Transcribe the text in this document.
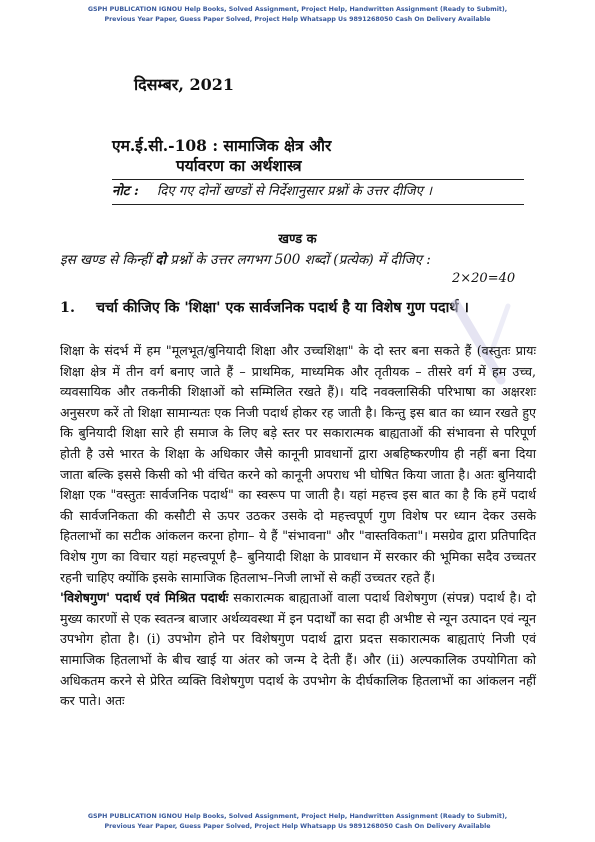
GSPH PUBLICATION IGNOU Help Books, Solved Assignment, Project Help, Handwritten Assignment (Ready to Submit),
Previous Year Paper, Guess Paper Solved, Project Help Whatsapp Us 9891268050 Cash On Delivery Available
दिसम्बर, 2021
एम.ई.सी.-108 : सामाजिक क्षेत्र और
पर्यावरण का अर्थशास्त्र
नोट : दिए गए दोनों खण्डों से निर्देशानुसार प्रश्नों के उत्तर दीजिए ।
खण्ड क
इस खण्ड से किन्हीं दो प्रश्नों के उत्तर लगभग 500 शब्दों (प्रत्येक) में दीजिए :
2×20=40
1.	चर्चा कीजिए कि 'शिक्षा' एक सार्वजनिक पदार्थ है या विशेष गुण पदार्थ ।

शिक्षा के संदर्भ में हम "मूलभूत/बुनियादी शिक्षा और उच्चशिक्षा" के दो स्तर बना सकते हैं (वस्तुतः प्रायः शिक्षा क्षेत्र में तीन वर्ग बनाए जाते हैं – प्राथमिक, माध्यमिक और तृतीयक – तीसरे वर्ग में हम उच्च, व्यवसायिक और तकनीकी शिक्षाओं को सम्मिलित रखते हैं)। यदि नवक्लासिकी परिभाषा का अक्षरशः अनुसरण करें तो शिक्षा सामान्यतः एक निजी पदार्थ होकर रह जाती है। किन्तु इस बात का ध्यान रखते हुए कि बुनियादी शिक्षा सारे ही समाज के लिए बड़े स्तर पर सकारात्मक बाह्यताओं की संभावना से परिपूर्ण होती है उसे भारत के शिक्षा के अधिकार जैसे कानूनी प्रावधानों द्वारा अबहिष्करणीय ही नहीं बना दिया जाता बल्कि इससे किसी को भी वंचित करने को कानूनी अपराध भी घोषित किया जाता है। अतः बुनियादी शिक्षा एक "वस्तुतः सार्वजनिक पदार्थ" का स्वरूप पा जाती है। यहां महत्त्व इस बात का है कि हमें पदार्थ की सार्वजनिकता की कसौटी से ऊपर उठकर उसके दो महत्त्वपूर्ण गुण विशेष पर ध्यान देकर उसके हितलाभों का सटीक आंकलन करना होगा– ये हैं "संभावना" और "वास्तविकता"। मसग्रेव द्वारा प्रतिपादित विशेष गुण का विचार यहां महत्त्वपूर्ण है– बुनियादी शिक्षा के प्रावधान में सरकार की भूमिका सदैव उच्चतर रहनी चाहिए क्योंकि इसके सामाजिक हितलाभ–निजी लाभों से कहीं उच्चतर रहते हैं।

'विशेषगुण' पदार्थ एवं मिश्रित पदार्थः सकारात्मक बाह्यताओं वाला पदार्थ विशेषगुण (संपन्न) पदार्थ है। दो मुख्य कारणों से एक स्वतन्त्र बाजार अर्थव्यवस्था में इन पदार्थों का सदा ही अभीष्ट से न्यून उत्पादन एवं न्यून उपभोग होता है। (i) उपभोग होने पर विशेषगुण पदार्थ द्वारा प्रदत्त सकारात्मक बाह्यताएं निजी एवं सामाजिक हितलाभों के बीच खाई या अंतर को जन्म दे देती हैं। और (ii) अल्पकालिक उपयोगिता को अधिकतम करने से प्रेरित व्यक्ति विशेषगुण पदार्थ के उपभोग के दीर्घकालिक हितलाभों का आंकलन नहीं कर पाते। अतः

GSPH PUBLICATION IGNOU Help Books, Solved Assignment, Project Help, Handwritten Assignment (Ready to Submit),
Previous Year Paper, Guess Paper Solved, Project Help Whatsapp Us 9891268050 Cash On Delivery Available
